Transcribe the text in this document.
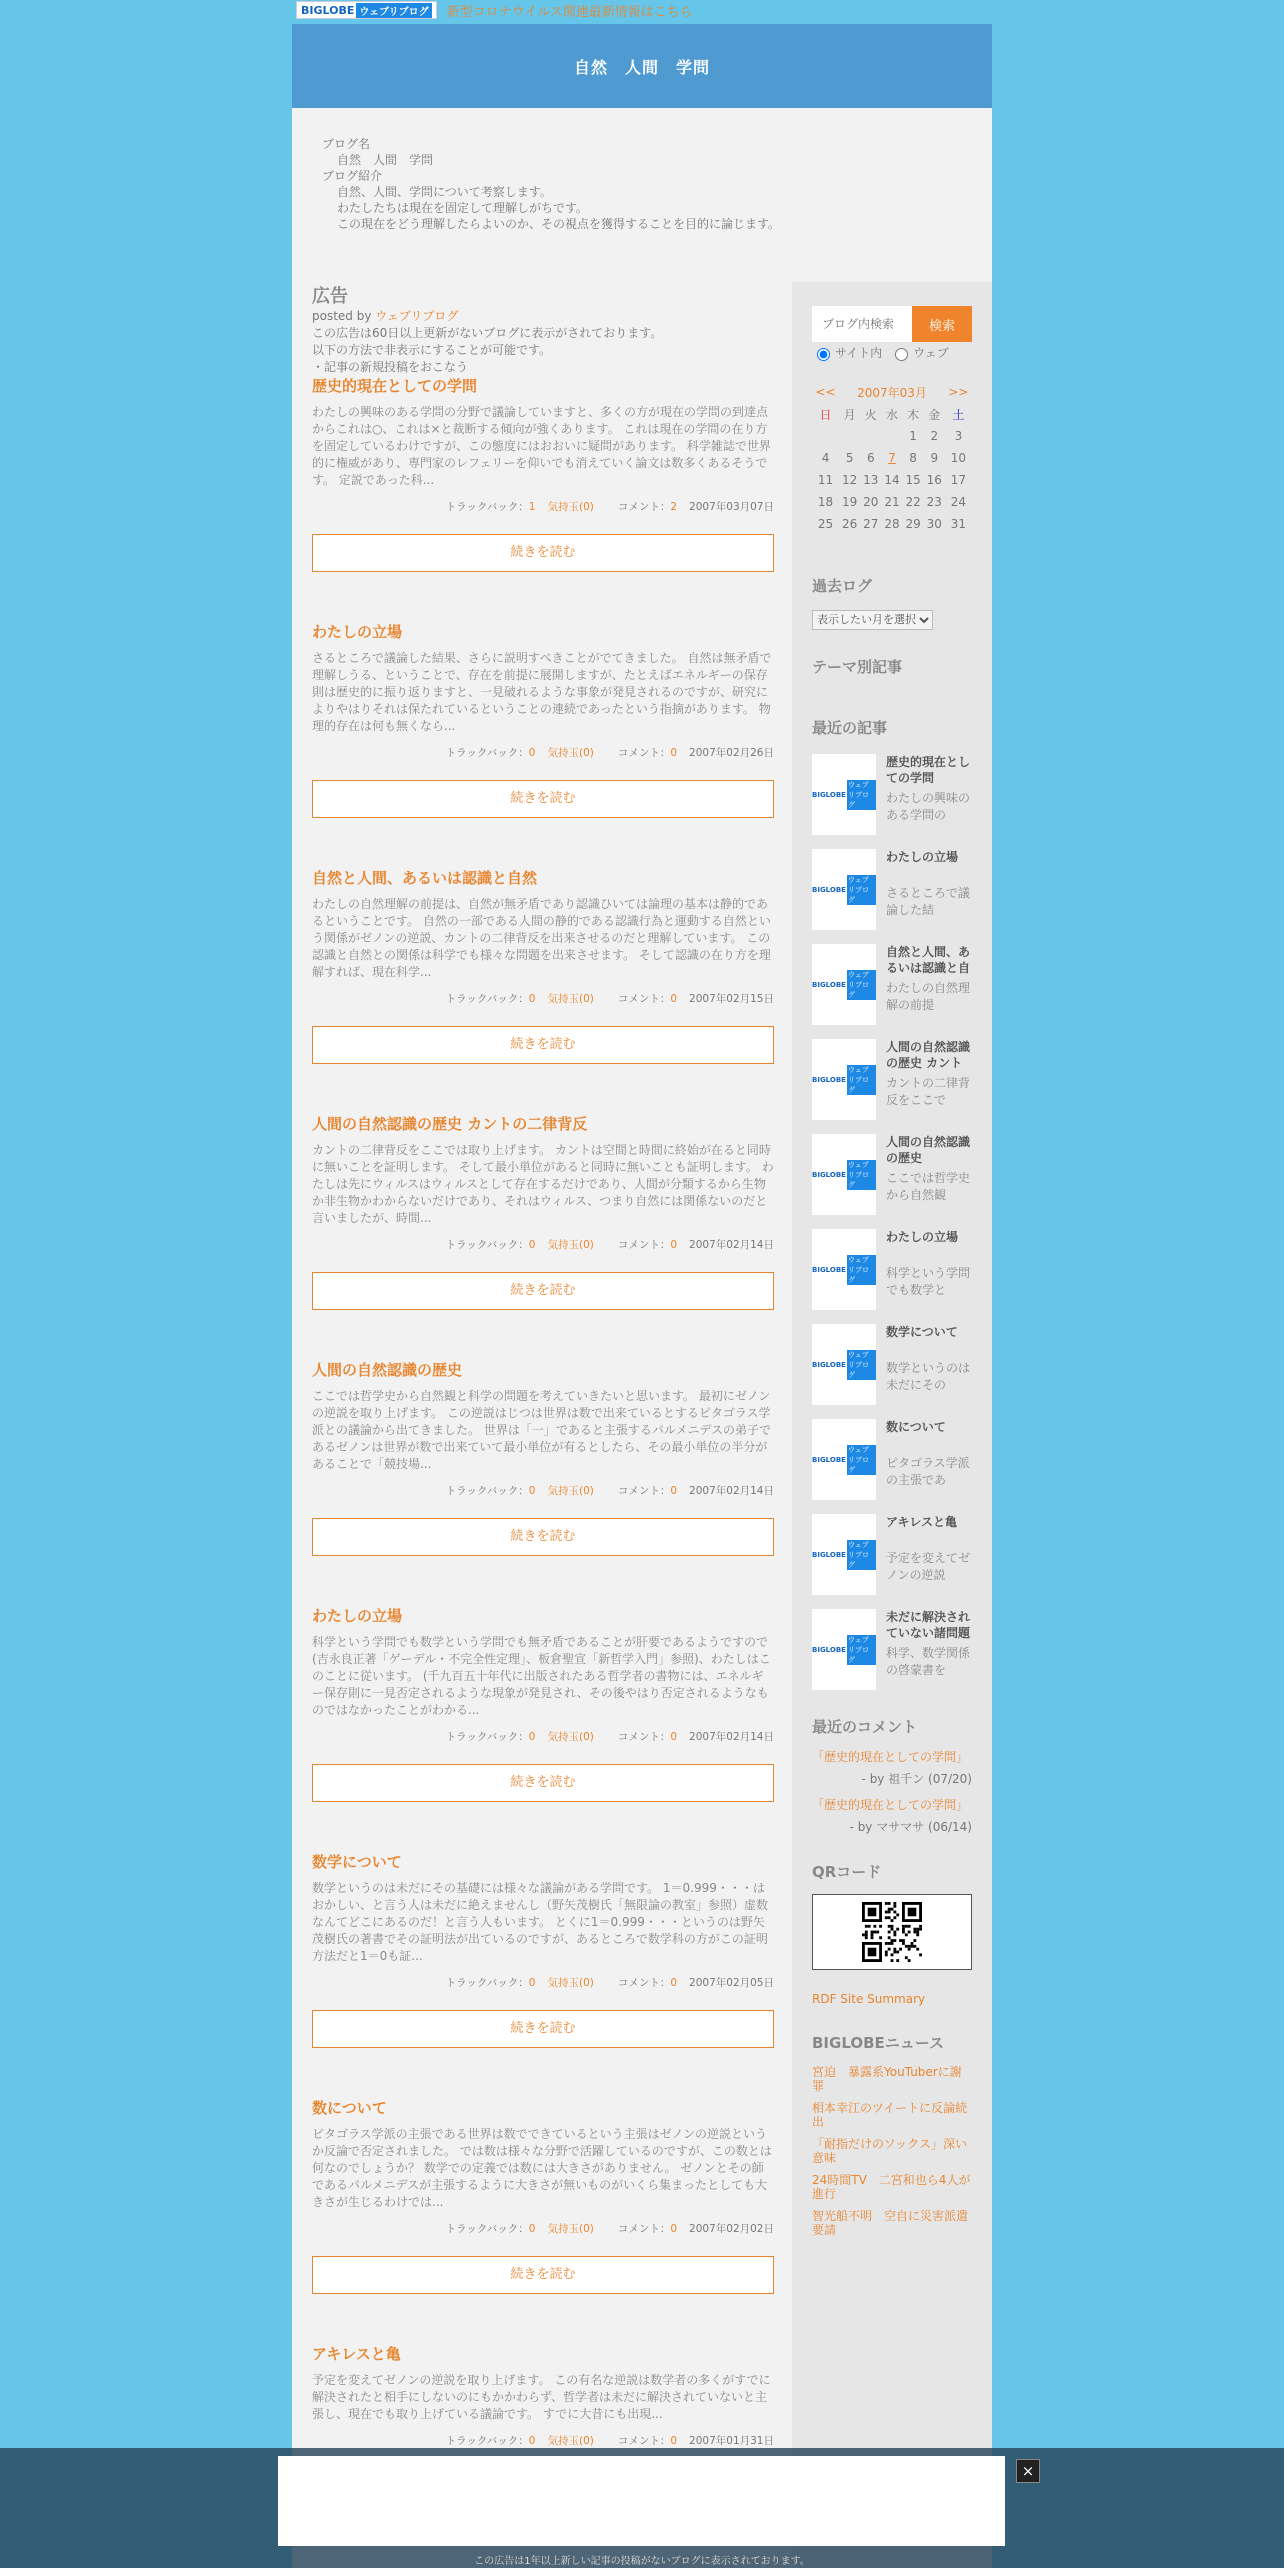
BIGLOBE ウェブリブログ 新型コロナウイルス関連最新情報はこちら
自然　人間　学問
ブログ名
自然　人間　学問
ブログ紹介
自然、人間、学問について考察します。
わたしたちは現在を固定して理解しがちです。
この現在をどう理解したらよいのか、その視点を獲得することを目的に論じます。
広告
posted by ウェブリブログ
この広告は60日以上更新がないブログに表示がされております。
以下の方法で非表示にすることが可能です。
・記事の新規投稿をおこなう
歴史的現在としての学問
わたしの興味のある学問の分野で議論していますと、多くの方が現在の学問の到達点からこれは○、これは×と裁断する傾向が強くあります。 これは現在の学問の在り方を固定しているわけですが、この態度にはおおいに疑問があります。 科学雑誌で世界的に権威があり、専門家のレフェリーを仰いでも消えていく論文は数多くあるそうです。 定説であった科...
トラックバック：1 気持玉(0) コメント：2 2007年03月07日
続きを読む
わたしの立場
さるところで議論した結果、さらに説明すべきことがでてきました。 自然は無矛盾で理解しうる、ということで、存在を前提に展開しますが、たとえばエネルギーの保存則は歴史的に振り返りますと、一見破れるような事象が発見されるのですが、研究によりやはりそれは保たれているということの連続であったという指摘があります。 物理的存在は何も無くなら...
トラックバック：0 気持玉(0) コメント：0 2007年02月26日
続きを読む
自然と人間、あるいは認識と自然
わたしの自然理解の前提は、自然が無矛盾であり認識ひいては論理の基本は静的であるということです。 自然の一部である人間の静的である認識行為と運動する自然という関係がゼノンの逆説、カントの二律背反を出来させるのだと理解しています。 この認識と自然との関係は科学でも様々な問題を出来させます。 そして認識の在り方を理解すれば、現在科学...
トラックバック：0 気持玉(0) コメント：0 2007年02月15日
続きを読む
人間の自然認識の歴史 カントの二律背反
カントの二律背反をここでは取り上げます。 カントは空間と時間に終始が在ると同時に無いことを証明します。 そして最小単位があると同時に無いことも証明します。 わたしは先にウィルスはウィルスとして存在するだけであり、人間が分類するから生物か非生物かわからないだけであり、それはウィルス、つまり自然には関係ないのだと言いましたが、時間...
トラックバック：0 気持玉(0) コメント：0 2007年02月14日
続きを読む
人間の自然認識の歴史
ここでは哲学史から自然観と科学の問題を考えていきたいと思います。 最初にゼノンの逆説を取り上げます。 この逆説はじつは世界は数で出来ているとするピタゴラス学派との議論から出てきました。 世界は「一」であると主張するパルメニデスの弟子であるゼノンは世界が数で出来ていて最小単位が有るとしたら、その最小単位の半分があることで「競技場...
トラックバック：0 気持玉(0) コメント：0 2007年02月14日
続きを読む
わたしの立場
科学という学問でも数学という学問でも無矛盾であることが肝要であるようですので(吉永良正著「ゲーデル・不完全性定理」、板倉聖宣「新哲学入門」参照)、わたしはこのことに従います。 (千九百五十年代に出版されたある哲学者の書物には、エネルギー保存則に一見否定されるような現象が発見され、その後やはり否定されるようなものではなかったことがわかる...
トラックバック：0 気持玉(0) コメント：0 2007年02月14日
続きを読む
数学について
数学というのは未だにその基礎には様々な議論がある学問です。 1＝0.999・・・はおかしい、と言う人は未だに絶えませんし（野矢茂樹氏「無限論の教室」参照）虚数なんてどこにあるのだ！と言う人もいます。 とくに1＝0.999・・・というのは野矢茂樹氏の著書でその証明法が出ているのですが、あるところで数学科の方がこの証明方法だと1＝0も証...
トラックバック：0 気持玉(0) コメント：0 2007年02月05日
続きを読む
数について
ピタゴラス学派の主張である世界は数でできているという主張はゼノンの逆説というか反論で否定されました。 では数は様々な分野で活躍しているのですが、この数とは何なのでしょうか？ 数学での定義では数には大きさがありません。 ゼノンとその師であるパルメニデスが主張するように大きさが無いものがいくら集まったとしても大きさが生じるわけでは...
トラックバック：0 気持玉(0) コメント：0 2007年02月02日
続きを読む
アキレスと亀
予定を変えてゼノンの逆説を取り上げます。 この有名な逆説は数学者の多くがすでに解決されたと相手にしないのにもかかわらず、哲学者は未だに解決されていないと主張し、現在でも取り上げている議論です。 すでに大昔にも出現...
トラックバック：0 気持玉(0) コメント：0 2007年01月31日
ブログ内検索
検索
サイト内	ウェブ
<<	2007年03月					>>
日	月	火	水	木	金	土
				1	2	3
4	5	6	7	8	9	10
11	12	13	14	15	16	17
18	19	20	21	22	23	24
25	26	27	28	29	30	31
過去ログ
表示したい月を選択
テーマ別記事
最近の記事
BIGLOBE
ウェブリブログ
歴史的現在としての学問
わたしの興味のある学問の
BIGLOBE
ウェブリブログ
わたしの立場
さるところで議論した結
BIGLOBE
ウェブリブログ
自然と人間、あるいは認識と自
わたしの自然理解の前提
BIGLOBE
ウェブリブログ
人間の自然認識の歴史 カント
カントの二律背反をここで
BIGLOBE
ウェブリブログ
人間の自然認識の歴史
ここでは哲学史から自然観
BIGLOBE
ウェブリブログ
わたしの立場
科学という学問でも数学と
BIGLOBE
ウェブリブログ
数学について
数学というのは未だにその
BIGLOBE
ウェブリブログ
数について
ピタゴラス学派の主張であ
BIGLOBE
ウェブリブログ
アキレスと亀
予定を変えてゼノンの逆説
BIGLOBE
ウェブリブログ
未だに解決されていない諸問題
科学、数学関係の啓蒙書を
最近のコメント
「歴史的現在としての学問」
- by 祖千ン (07/20)
「歴史的現在としての学問」
- by マサマサ (06/14)
QRコード
RDF Site Summary
BIGLOBEニュース
宮迫　暴露系YouTuberに謝罪
相本幸江のツイートに反論続出
「耐指だけのソックス」深い意味
24時間TV　二宮和也ら4人が進行
智光船不明　空自に災害派遣要請
×
この広告は1年以上新しい記事の投稿がないブログに表示されております。
